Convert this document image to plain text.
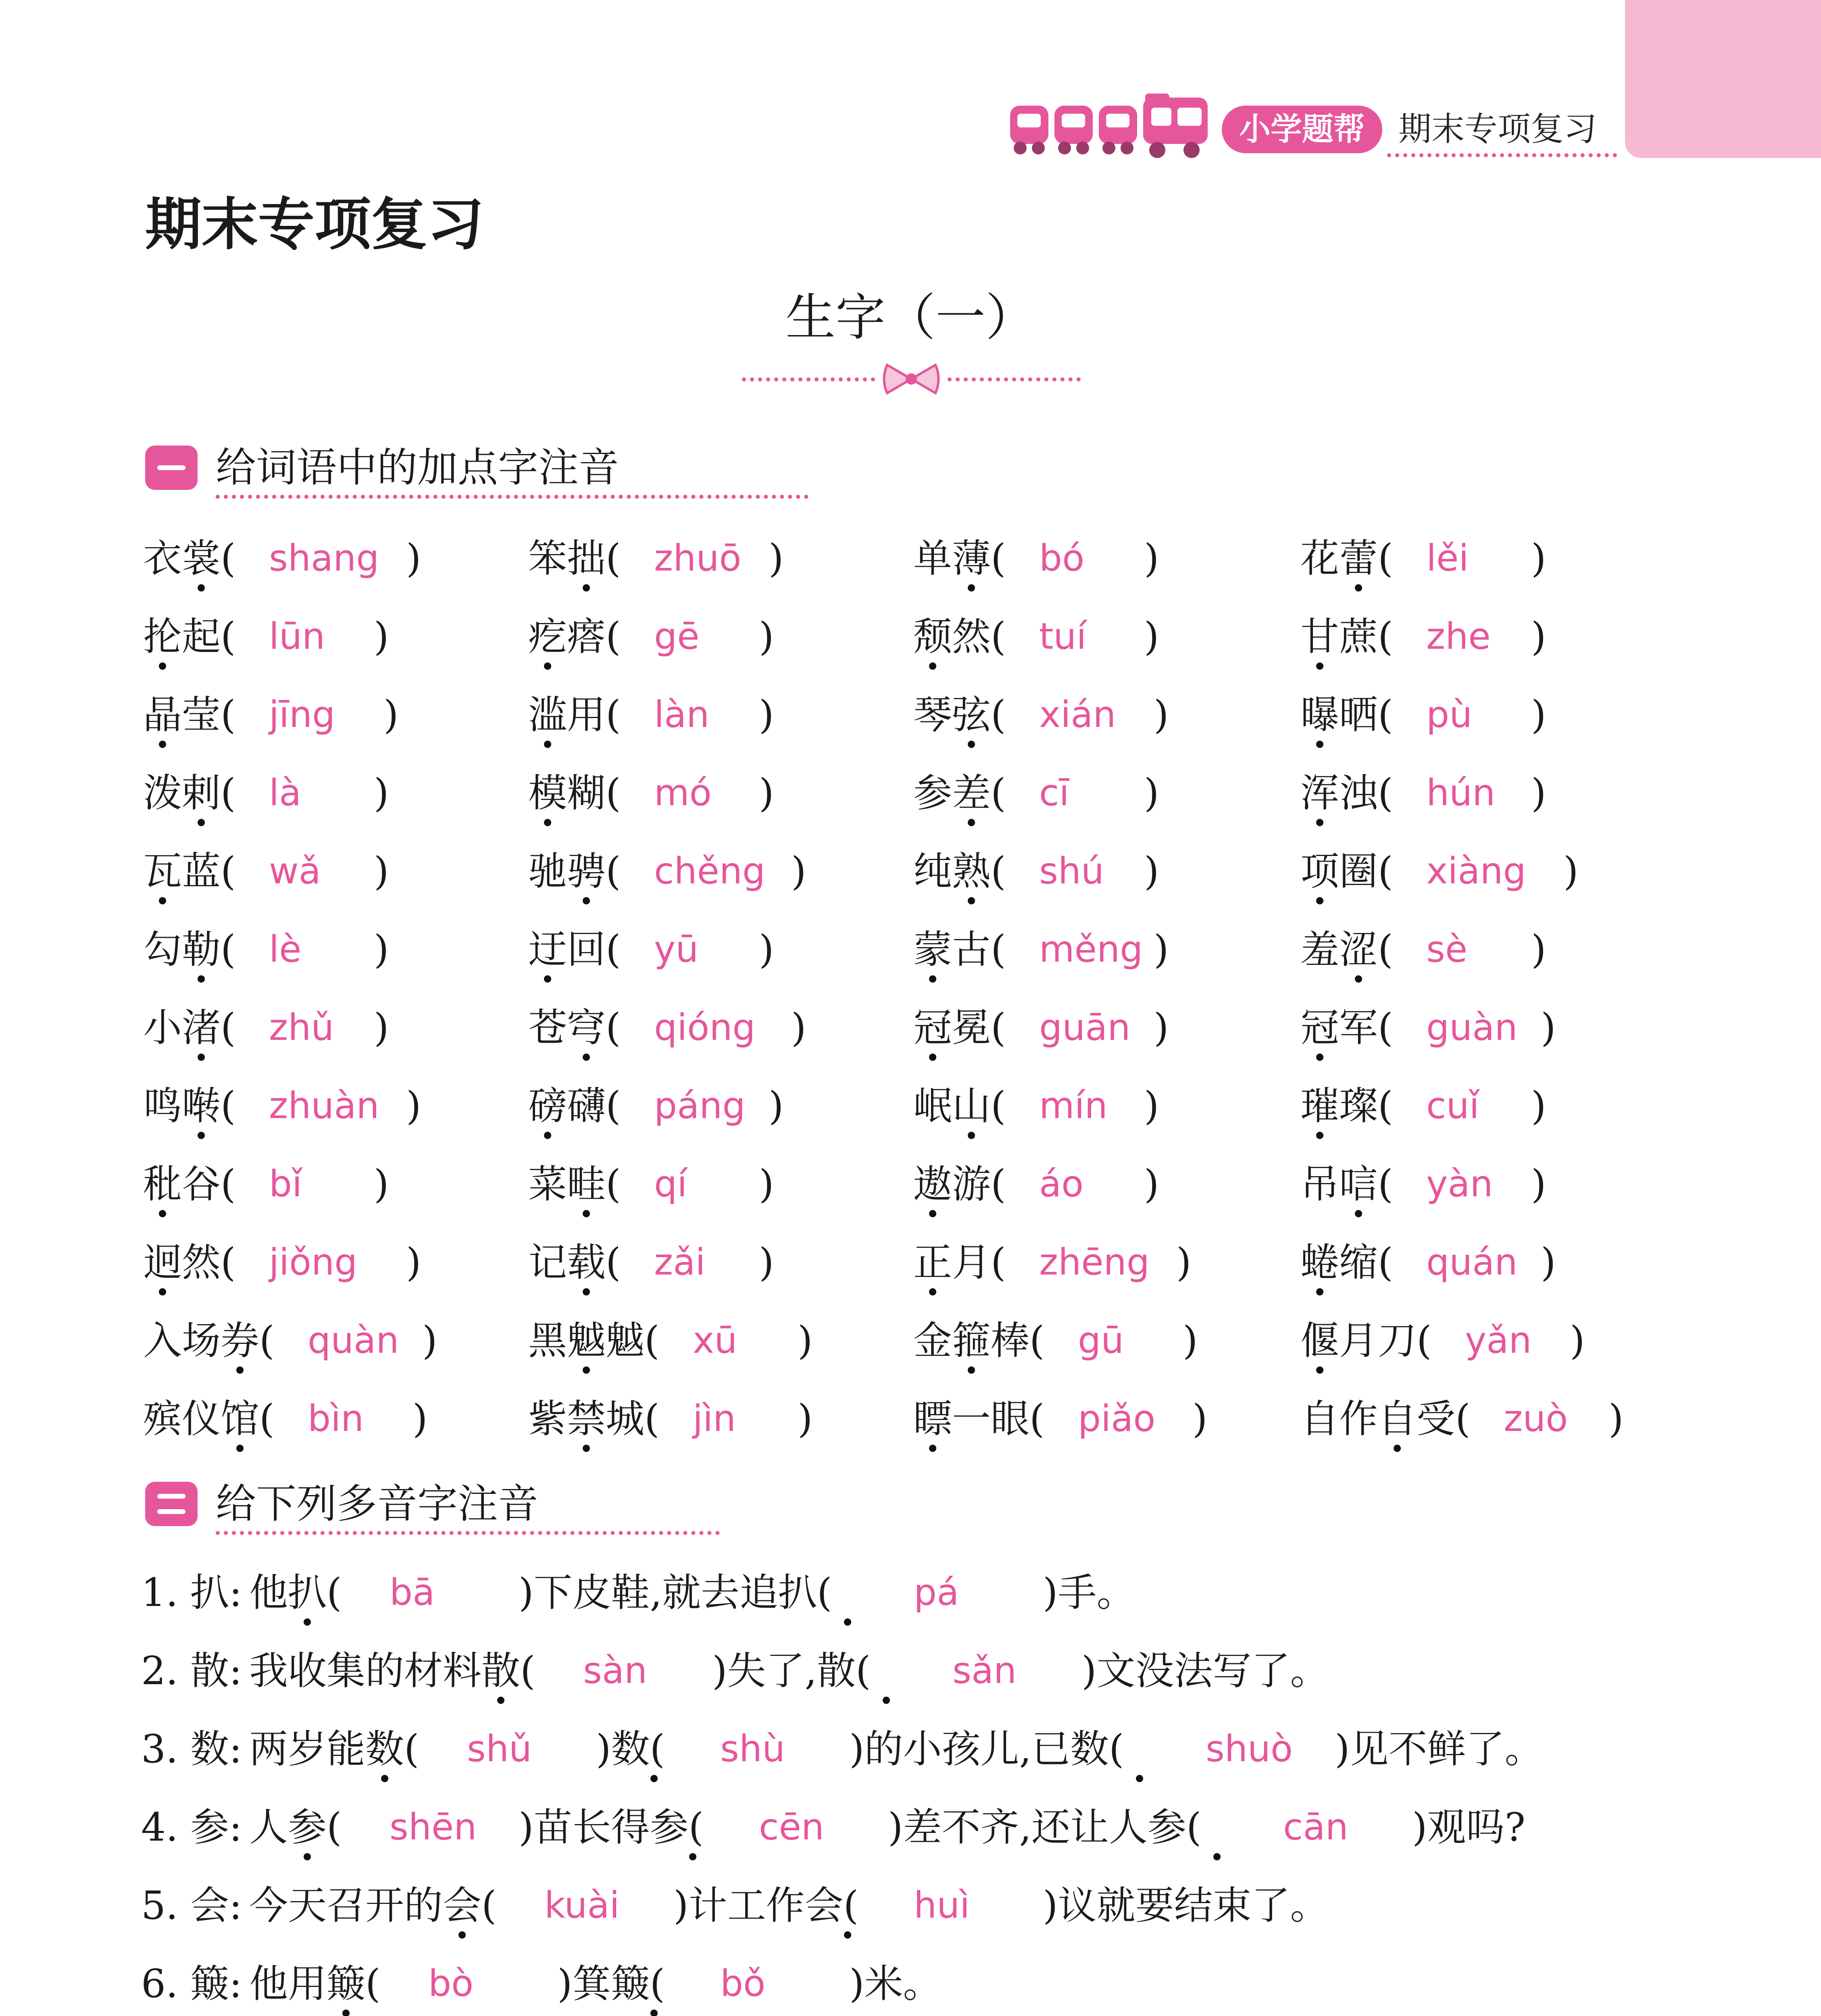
小学题帮	期末专项复习
期末专项复习
生字（一）
给词语中的加点字注音
衣裳 ( shang )	笨拙 ( zhuō )	单薄 ( bó )	花蕾 ( lěi )
抡起 ( lūn )	疙瘩 ( gē )	颓然 ( tuí )	甘蔗 ( zhe )
晶莹 ( jīng )	滥用 ( làn )	琴弦 ( xián )	曝晒 ( pù )
泼剌 ( là )	模糊 ( mó )	参差 ( cī )	浑浊 ( hún )
瓦蓝 ( wǎ )	驰骋 ( chěng )	纯熟 ( shú )	项圈 ( xiàng )
勾勒 ( lè )	迂回 ( yū )	蒙古 ( měng )	羞涩 ( sè )
小渚 ( zhǔ )	苍穹 ( qióng )	冠冕 ( guān )	冠军 ( guàn )
鸣啭 ( zhuàn )	磅礴 ( páng )	岷山 ( mín )	璀璨 ( cuǐ )
秕谷 ( bǐ )	菜畦 ( qí )	遨游 ( áo )	吊唁 ( yàn )
迥然 ( jiǒng )	记载 ( zǎi )	正月 ( zhēng )	蜷缩 ( quán )
入场券 ( quàn ) 黑魆魆 ( xū )	金箍棒 ( gū )	偃月刀 ( yǎn )
殡仪馆 ( bìn )	紫禁城 ( jìn )	瞟一眼 ( piǎo ) 自作自受 ( zuò )
给下列多音字注音
1. 扒 : 他扒( bā )下皮鞋,就去追扒( pá )手。
2. 散 : 我收集的材料散( sàn )失了,散( sǎn )文没法写了。
3. 数 : 两岁能数( shǔ )数( shù )的小孩儿,已数( shuò )见不鲜了。
4. 参 : 人参( shēn )苗长得参( cēn )差不齐,还让人参( cān )观吗?
5. 会 : 今天召开的会( kuài )计工作会( huì )议就要结束了。
6. 簸 : 他用簸( bò )箕簸( bǒ )米。
